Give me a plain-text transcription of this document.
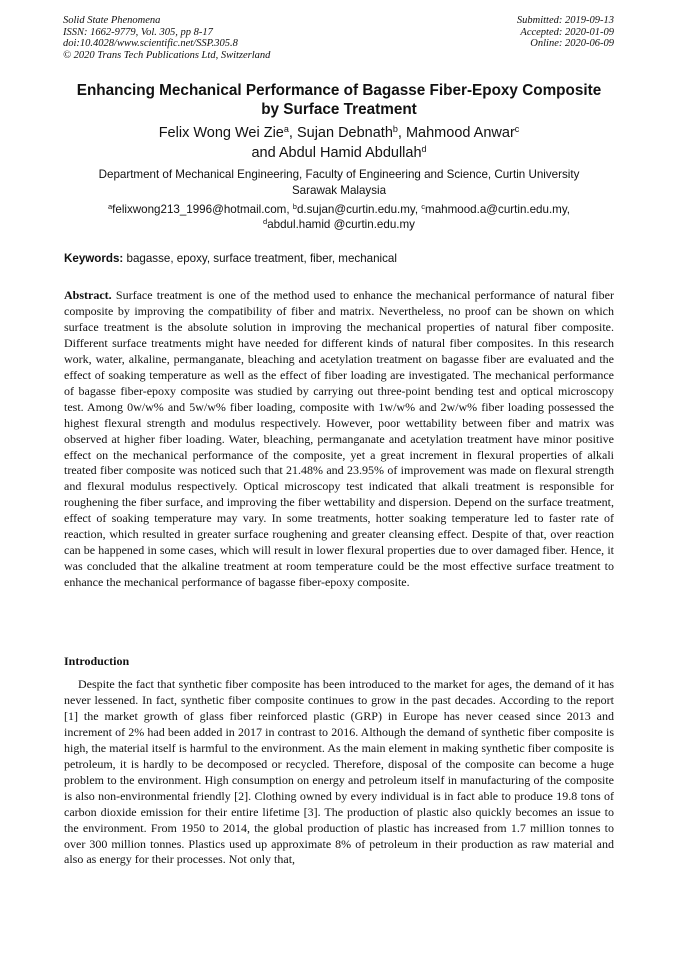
Solid State Phenomena
ISSN: 1662-9779, Vol. 305, pp 8-17
doi:10.4028/www.scientific.net/SSP.305.8
© 2020 Trans Tech Publications Ltd, Switzerland
Submitted: 2019-09-13
Accepted: 2020-01-09
Online: 2020-06-09
Enhancing Mechanical Performance of Bagasse Fiber-Epoxy Composite
by Surface Treatment
Felix Wong Wei Zie$^a$, Sujan Debnath$^b$, Mahmood Anwar$^c$
and Abdul Hamid Abdullah$^d$
Department of Mechanical Engineering, Faculty of Engineering and Science, Curtin University
Sarawak Malaysia
$^a$felixwong213_1996@hotmail.com, $^b$d.sujan@curtin.edu.my, $^c$mahmood.a@curtin.edu.my,
$^d$abdul.hamid @curtin.edu.my
Keywords: bagasse, epoxy, surface treatment, fiber, mechanical
Abstract. Surface treatment is one of the method used to enhance the mechanical performance of natural fiber composite by improving the compatibility of fiber and matrix. Nevertheless, no proof can be shown on which surface treatment is the absolute solution in improving the mechanical properties of natural fiber composite. Different surface treatments might have needed for different kinds of natural fiber composites. In this research work, water, alkaline, permanganate, bleaching and acetylation treatment on bagasse fiber are evaluated and the effect of soaking temperature as well as the effect of fiber loading are investigated. The mechanical performance of bagasse fiber-epoxy composite was studied by carrying out three-point bending test and optical microscopy test. Among 0w/w% and 5w/w% fiber loading, composite with 1w/w% and 2w/w% fiber loading possessed the highest flexural strength and modulus respectively. However, poor wettability between fiber and matrix was observed at higher fiber loading. Water, bleaching, permanganate and acetylation treatment have minor positive effect on the mechanical performance of the composite, yet a great increment in flexural properties of alkali treated fiber composite was noticed such that 21.48% and 23.95% of improvement was made on flexural strength and flexural modulus respectively. Optical microscopy test indicated that alkali treatment is responsible for roughening the fiber surface, and improving the fiber wettability and dispersion. Depend on the surface treatment, effect of soaking temperature may vary. In some treatments, hotter soaking temperature led to faster rate of reaction, which resulted in greater surface roughening and greater cleansing effect. Despite of that, over reaction can be happened in some cases, which will result in lower flexural properties due to over damaged fiber. Hence, it was concluded that the alkaline treatment at room temperature could be the most effective surface treatment to enhance the mechanical performance of bagasse fiber-epoxy composite.
Introduction
Despite the fact that synthetic fiber composite has been introduced to the market for ages, the demand of it has never lessened. In fact, synthetic fiber composite continues to grow in the past decades. According to the report [1] the market growth of glass fiber reinforced plastic (GRP) in Europe has never ceased since 2013 and increment of 2% had been added in 2017 in contrast to 2016. Although the demand of synthetic fiber composite is high, the material itself is harmful to the environment. As the main element in making synthetic fiber composite is petroleum, it is hardly to be decomposed or recycled. Therefore, disposal of the composite can become a huge problem to the environment. High consumption on energy and petroleum itself in manufacturing of the composite is also non-environmental friendly [2]. Clothing owned by every individual is in fact able to produce 19.8 tons of carbon dioxide emission for their entire lifetime [3]. The production of plastic also quickly becomes an issue to the environment. From 1950 to 2014, the global production of plastic has increased from 1.7 million tonnes to over 300 million tonnes. Plastics used up approximate 8% of petroleum in their production as raw material and also as energy for their processes. Not only that,
